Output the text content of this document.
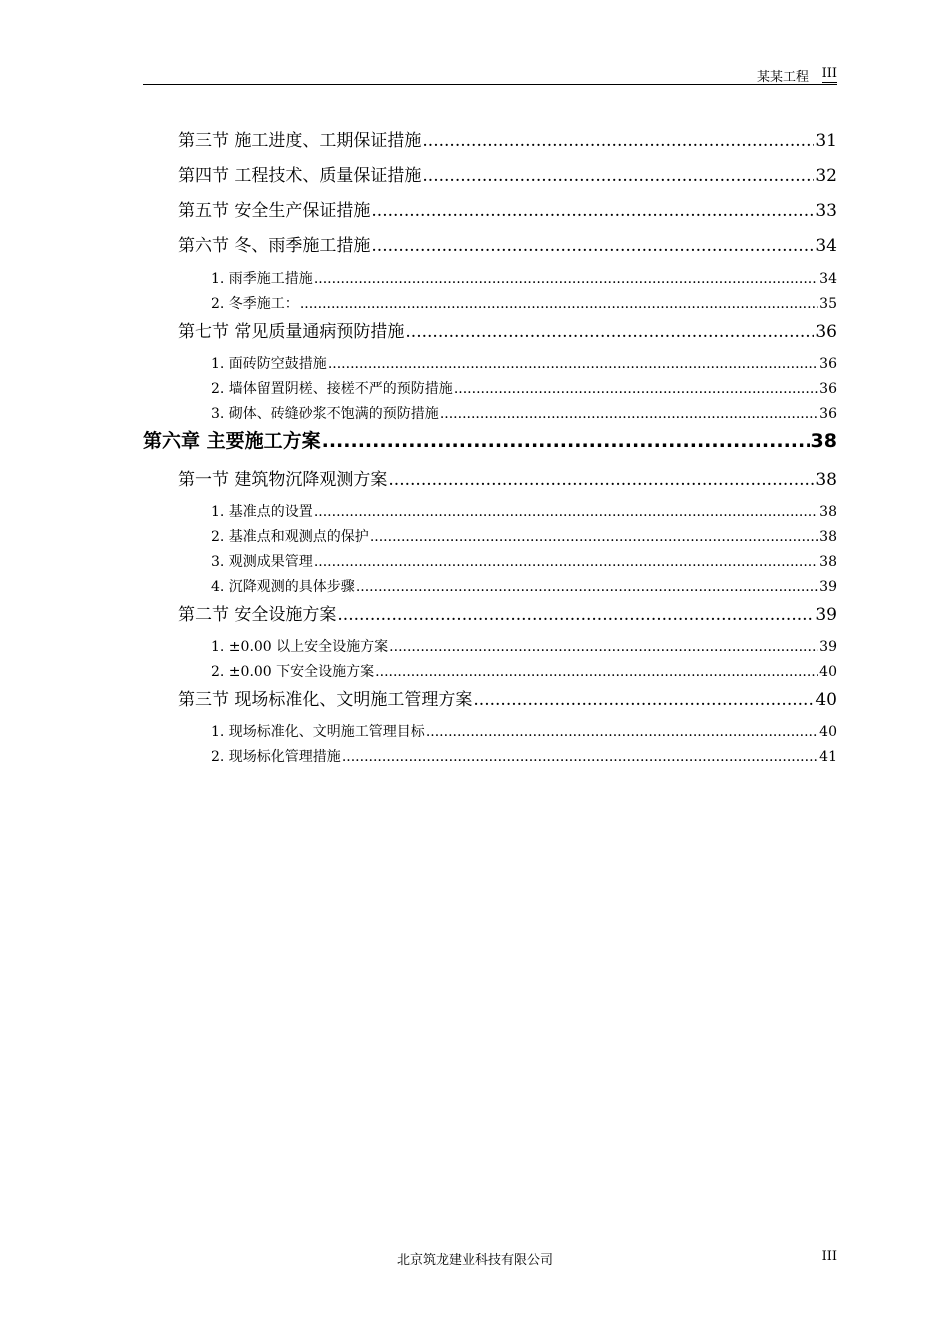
某某工程 III
第三节 施工进度、工期保证措施 .....	31
第四节 工程技术、质量保证措施 .....	32
第五节 安全生产保证措施 .....	33
第六节 冬、雨季施工措施 .....	34
1. 雨季施工措施 .....	34
2. 冬季施工： .....	35
第七节 常见质量通病预防措施 .....	36
1. 面砖防空鼓措施 .....	36
2. 墙体留置阴槎、接槎不严的预防措施 .....	36
3. 砌体、砖缝砂浆不饱满的预防措施 .....	36
第六章 主要施工方案 .....	38
第一节 建筑物沉降观测方案 .....	38
1. 基准点的设置 .....	38
2. 基准点和观测点的保护 .....	38
3. 观测成果管理 .....	38
4. 沉降观测的具体步骤 .....	39
第二节 安全设施方案 .....	39
1. ±0.00 以上安全设施方案 .....	39
2. ±0.00 下安全设施方案 .....	40
第三节 现场标准化、文明施工管理方案 .....	40
1. 现场标准化、文明施工管理目标 .....	40
2. 现场标化管理措施 .....	41
北京筑龙建业科技有限公司	III
